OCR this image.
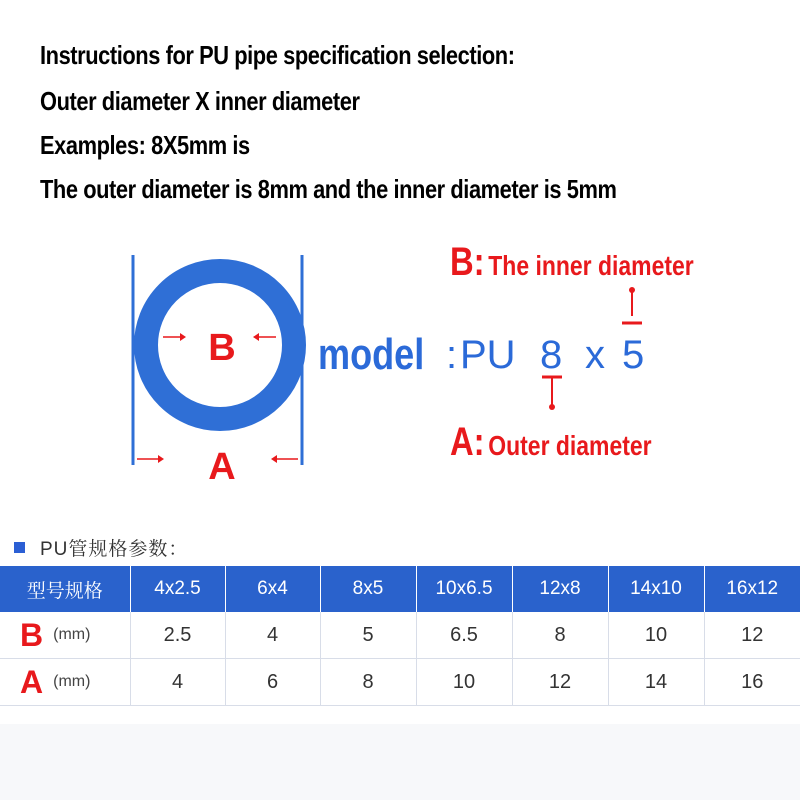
Instructions for PU pipe specification selection:

Outer diameter X inner diameter

Examples: 8X5mm is

The outer diameter is 8mm and the inner diameter is 5mm

B
A
B: The inner diameter
A: Outer diameter

model : PU 8 x 5
PU管规格参数：
型号规格	4x2.5	6x4	8x5	10x6.5	12x8	14x10	16x12
B (mm)	2.5	4	5	6.5	8	10	12
A (mm)	4	6	8	10	12	14	16
